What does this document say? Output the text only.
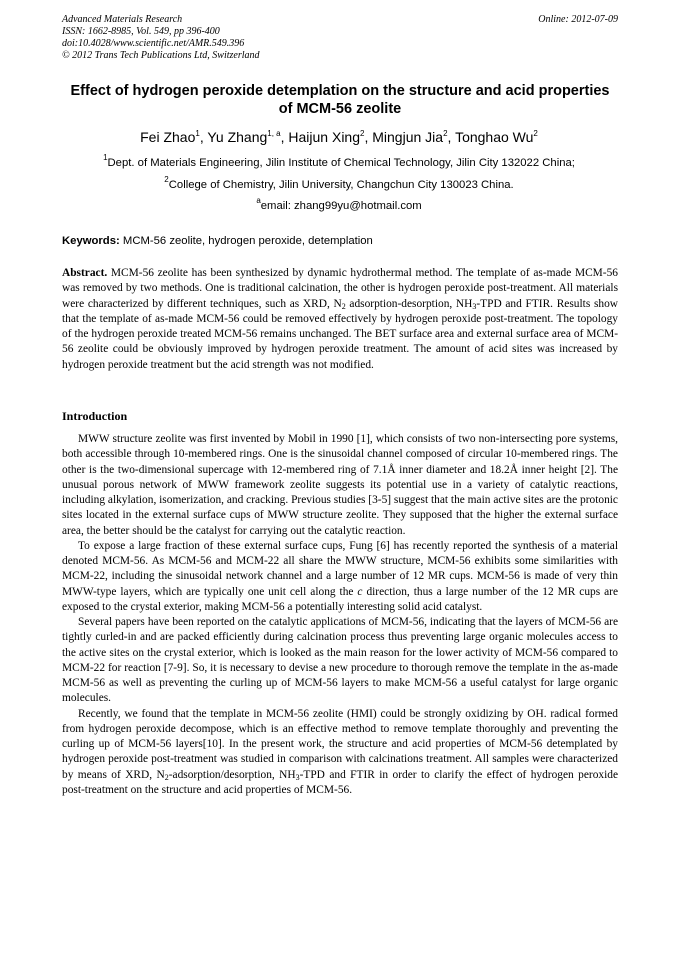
Advanced Materials Research
ISSN: 1662-8985, Vol. 549, pp 396-400
doi:10.4028/www.scientific.net/AMR.549.396
© 2012 Trans Tech Publications Ltd, Switzerland
Online: 2012-07-09
Effect of hydrogen peroxide detemplation on the structure and acid properties of MCM-56 zeolite
Fei Zhao$^1$, Yu Zhang$^{1, a}$, Haijun Xing$^2$, Mingjun Jia$^2$, Tonghao Wu$^2$
$^1$Dept. of Materials Engineering, Jilin Institute of Chemical Technology, Jilin City 132022 China;
$^2$College of Chemistry, Jilin University, Changchun City 130023 China.
$^a$email: zhang99yu@hotmail.com
Keywords: MCM-56 zeolite, hydrogen peroxide, detemplation
Abstract. MCM-56 zeolite has been synthesized by dynamic hydrothermal method. The template of as-made MCM-56 was removed by two methods. One is traditional calcination, the other is hydrogen peroxide post-treatment. All materials were characterized by different techniques, such as XRD, $N_2$ adsorption-desorption, $NH_3$-TPD and FTIR. Results show that the template of as-made MCM-56 could be removed effectively by hydrogen peroxide post-treatment. The topology of the hydrogen peroxide treated MCM-56 remains unchanged. The BET surface area and external surface area of MCM-56 zeolite could be obviously improved by hydrogen peroxide treatment. The amount of acid sites was increased by hydrogen peroxide treatment but the acid strength was not modified.
Introduction

MWW structure zeolite was first invented by Mobil in 1990 [1], which consists of two non-intersecting pore systems, both accessible through 10-membered rings. One is the sinusoidal channel composed of circular 10-membered rings. The other is the two-dimensional supercage with 12-membered ring of 7.1Å inner diameter and 18.2Å inner height [2]. The unusual porous network of MWW framework zeolite suggests its potential use in a variety of catalytic reactions, including alkylation, isomerization, and cracking. Previous studies [3-5] suggest that the main active sites are the protonic sites located in the external surface cups of MWW structure zeolite. They supposed that the higher the external surface area, the better should be the catalyst for carrying out the catalytic reaction.

To expose a large fraction of these external surface cups, Fung [6] has recently reported the synthesis of a material denoted MCM-56. As MCM-56 and MCM-22 all share the MWW structure, MCM-56 exhibits some similarities with MCM-22, including the sinusoidal network channel and a large number of 12 MR cups. MCM-56 is made of very thin MWW-type layers, which are typically one unit cell along the c direction, thus a large number of the 12 MR cups are exposed to the crystal exterior, making MCM-56 a potentially interesting solid acid catalyst.

Several papers have been reported on the catalytic applications of MCM-56, indicating that the layers of MCM-56 are tightly curled-in and are packed efficiently during calcination process thus preventing large organic molecules access to the active sites on the crystal exterior, which is looked as the main reason for the lower activity of MCM-56 compared to MCM-22 for reaction [7-9]. So, it is necessary to devise a new procedure to thorough remove the template in the as-made MCM-56 as well as preventing the curling up of MCM-56 layers to make MCM-56 a useful catalyst for large organic molecules.

Recently, we found that the template in MCM-56 zeolite (HMI) could be strongly oxidizing by OH. radical formed from hydrogen peroxide decompose, which is an effective method to remove template thoroughly and preventing the curling up of MCM-56 layers[10]. In the present work, the structure and acid properties of MCM-56 detemplated by hydrogen peroxide post-treatment was studied in comparison with calcinations treatment. All samples were characterized by means of XRD, $N_2-adsorption$/desorption, $NH_3$-TPD and FTIR in order to clarify the effect of hydrogen peroxide post-treatment on the structure and acid properties of MCM-56.
